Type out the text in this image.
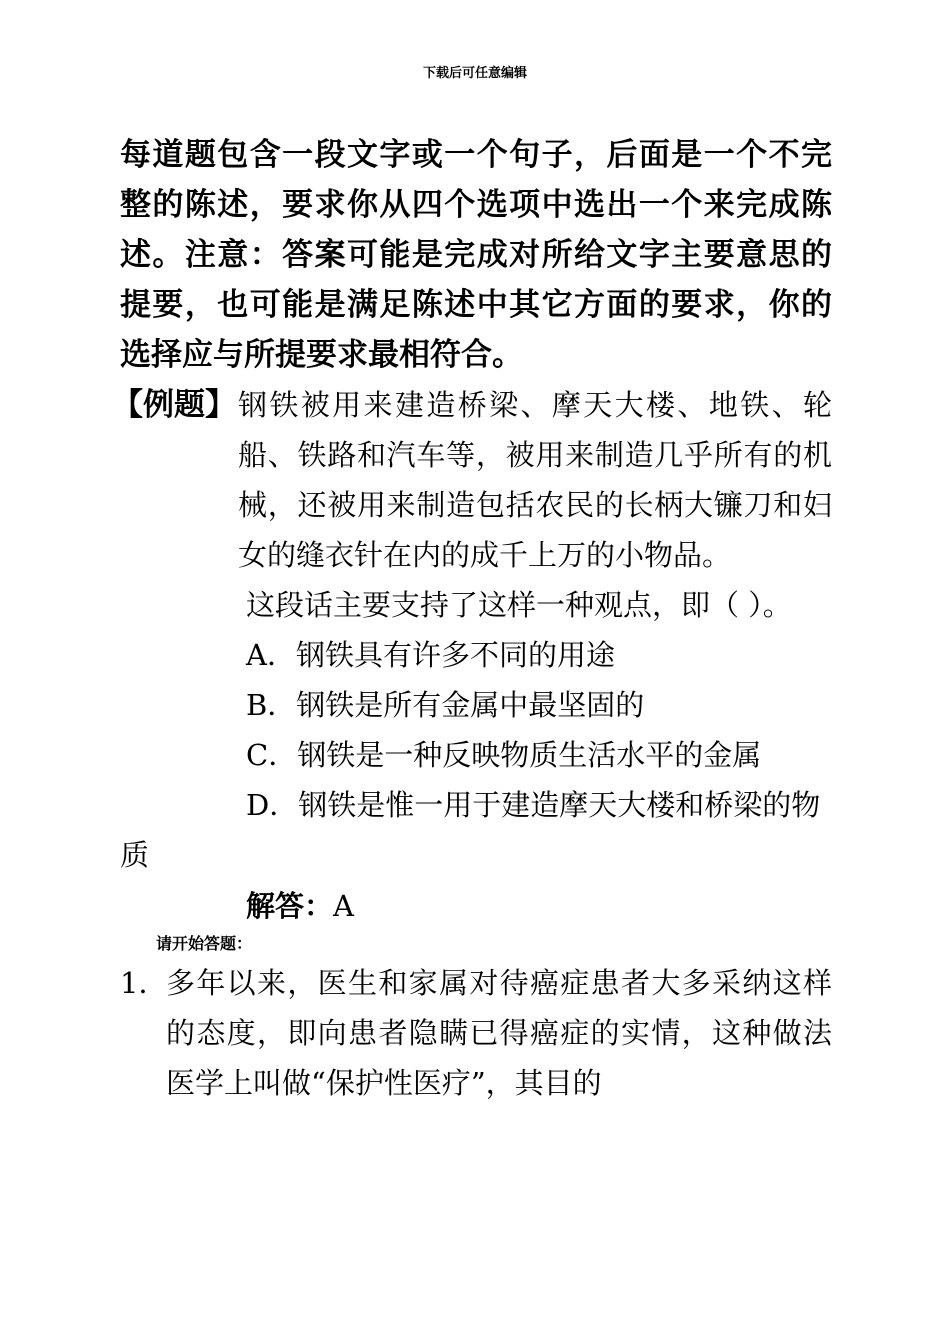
下载后可任意编辑

每道题包含一段文字或一个句子，后面是一个不完整的陈述，要求你从四个选项中选出一个来完成陈述。注意：答案可能是完成对所给文字主要意思的提要，也可能是满足陈述中其它方面的要求，你的选择应与所提要求最相符合。

【例题】 钢铁被用来建造桥梁、摩天大楼、地铁、轮船、铁路和汽车等，被用来制造几乎所有的机械，还被用来制造包括农民的长柄大镰刀和妇女的缝衣针在内的成千上万的小物品。

这段话主要支持了这样一种观点，即（ ）。

A．钢铁具有许多不同的用途

B．钢铁是所有金属中最坚固的

C．钢铁是一种反映物质生活水平的金属

D．钢铁是惟一用于建造摩天大楼和桥梁的物质

解答：A

请开始答题：

1．
多年以来，医生和家属对待癌症患者大多采纳这样的态度，即向患者隐瞒已得癌症的实情，这种做法医学上叫做“保护性医疗”，其目的
